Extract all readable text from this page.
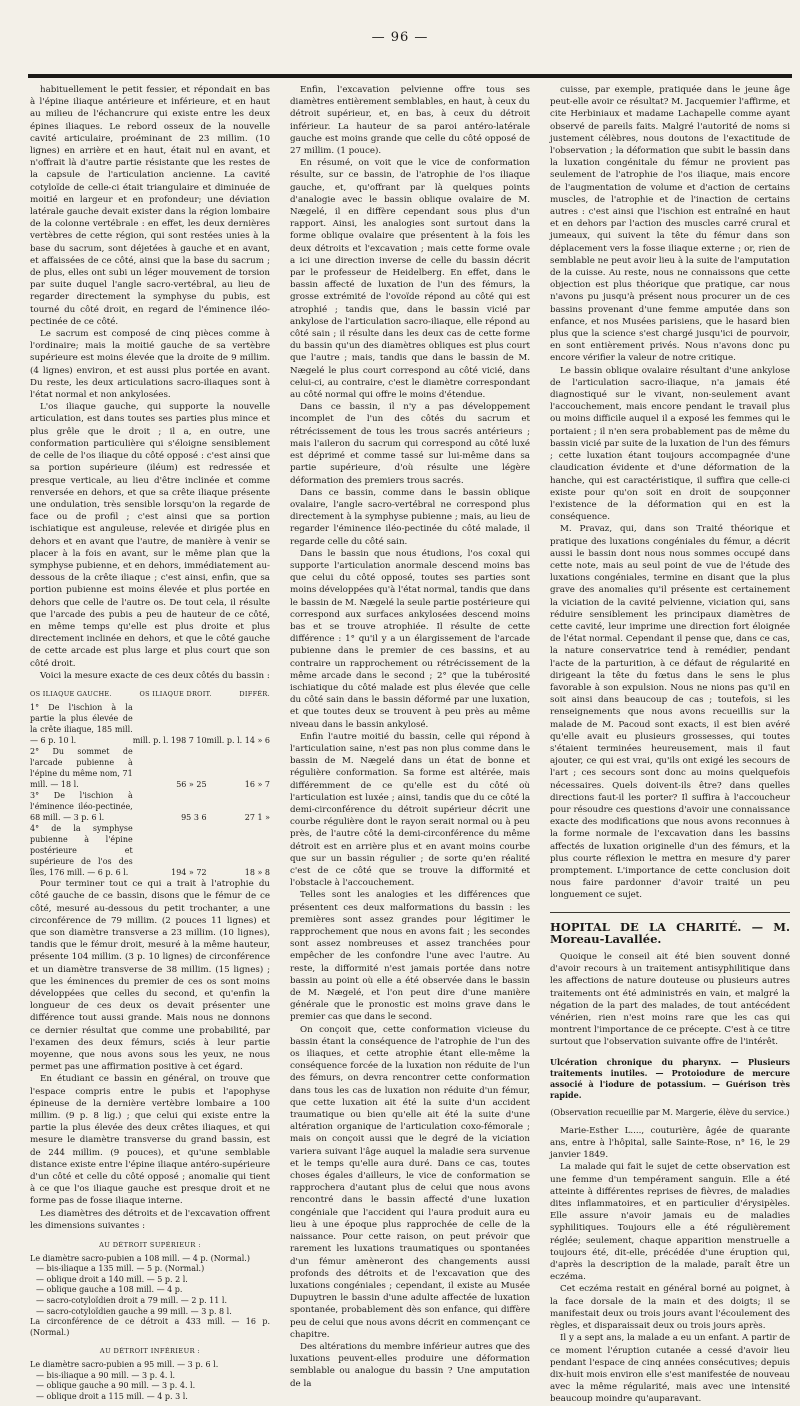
— 96 —

habituellement le petit fessier, et répondait en bas à l'épine iliaque antérieure et inférieure, et en haut au milieu de l'échancrure qui existe entre les deux épines iliaques. Le rebord osseux de la nouvelle cavité articulaire, proéminant de 23 millim. (10 lignes) en arrière et en haut, était nul en avant, et n'offrait là d'autre partie résistante que les restes de la capsule de l'articulation ancienne. La cavité cotyloïde de celle-ci était triangulaire et diminuée de moitié en largeur et en profondeur; une déviation latérale gauche devait exister dans la région lombaire de la colonne vertébrale : en effet, les deux dernières vertèbres de cette région, qui sont restées unies à la base du sacrum, sont déjetées à gauche et en avant, et affaissées de ce côté, ainsi que la base du sacrum ; de plus, elles ont subi un léger mouvement de torsion par suite duquel l'angle sacro-vertébral, au lieu de regarder directement la symphyse du pubis, est tourné du côté droit, en regard de l'éminence iléo-pectinée de ce côté.

Le sacrum est composé de cinq pièces comme à l'ordinaire; mais la moitié gauche de sa vertèbre supérieure est moins élevée que la droite de 9 millim. (4 lignes) environ, et est aussi plus portée en avant. Du reste, les deux articulations sacro-iliaques sont à l'état normal et non ankylosées.

L'os iliaque gauche, qui supporte la nouvelle articulation, est dans toutes ses parties plus mince et plus grêle que le droit ; il a, en outre, une conformation particulière qui s'éloigne sensiblement de celle de l'os iliaque du côté opposé : c'est ainsi que sa portion supérieure (iléum) est redressée et presque verticale, au lieu d'être inclinée et comme renversée en dehors, et que sa crête iliaque présente une ondulation, très sensible lorsqu'on la regarde de face ou de profil ; c'est ainsi que sa portion ischiatique est anguleuse, relevée et dirigée plus en dehors et en avant que l'autre, de manière à venir se placer à la fois en avant, sur le même plan que la symphyse pubienne, et en dehors, immédiatement au-dessous de la crête iliaque ; c'est ainsi, enfin, que sa portion pubienne est moins élevée et plus portée en dehors que celle de l'autre os. De tout cela, il résulte que l'arcade des pubis a peu de hauteur de ce côté, en même temps qu'elle est plus droite et plus directement inclinée en dehors, et que le côté gauche de cette arcade est plus large et plus court que son côté droit.

Voici la mesure exacte de ces deux côtés du bassin :

OS ILIAQUE GAUCHE.	OS ILIAQUE DROIT.	DIFFÉR.
1° De l'ischion à la partie la plus élevée de la crête iliaque, 185 mill. — 6 p. 10 l.	mill. p. l. 198 7 10	mill. p. l. 14 » 6
2° Du sommet de l'arcade pubienne à l'épine du même nom, 71 mill. — 18 l.	56 » 25	16 » 7
3° De l'ischion à l'éminence iléo-pectinée, 68 mill. — 3 p. 6 l.	95 3 6	27 1 »
4° de la symphyse pubienne à l'épine postérieure et supérieure de l'os des îles, 176 mill. — 6 p. 6 l.	194 » 72	18 » 8

Pour terminer tout ce qui a trait à l'atrophie du côté gauche de ce bassin, disons que le fémur de ce côté, mesuré au-dessous du petit trochanter, a une circonférence de 79 millim. (2 pouces 11 lignes) et que son diamètre transverse a 23 millim. (10 lignes), tandis que le fémur droit, mesuré à la même hauteur, présente 104 millim. (3 p. 10 lignes) de circonférence et un diamètre transverse de 38 millim. (15 lignes) ; que les éminences du premier de ces os sont moins développées que celles du second, et qu'enfin la longueur de ces deux os devait présenter une différence tout aussi grande. Mais nous ne donnons ce dernier résultat que comme une probabilité, par l'examen des deux fémurs, sciés à leur partie moyenne, que nous avons sous les yeux, ne nous permet pas une affirmation positive à cet égard.

En étudiant ce bassin en général, on trouve que l'espace compris entre le pubis et l'apophyse épineuse de la dernière vertèbre lombaire a 100 millim. (9 p. 8 lig.) ; que celui qui existe entre la partie la plus élevée des deux crêtes iliaques, et qui mesure le diamètre transverse du grand bassin, est de 244 millim. (9 pouces), et qu'une semblable distance existe entre l'épine iliaque antéro-supérieure d'un côté et celle du côté opposé ; anomalie qui tient à ce que l'os iliaque gauche est presque droit et ne forme pas de fosse iliaque interne.

Les diamètres des détroits et de l'excavation offrent les dimensions suivantes :

AU DÉTROIT SUPÉRIEUR :
Le diamètre sacro-pubien a 108 mill. — 4 p. (Normal.)
— bis-iliaque a 135 mill. — 5 p. (Normal.)
— oblique droit a 140 mill. — 5 p. 2 l.
— oblique gauche a 108 mill. — 4 p.
— sacro-cotyloïdien droit a 79 mill. — 2 p. 11 l.
— sacro-cotyloïdien gauche a 99 mill. — 3 p. 8 l.
La circonférence de ce détroit a 433 mill. — 16 p. (Normal.)
AU DÉTROIT INFÉRIEUR :
Le diamètre sacro-pubien a 95 mill. — 3 p. 6 l.
— bis-iliaque a 90 mill. — 3 p. 4. l.
— oblique gauche a 90 mill. — 3 p. 4. l.
— oblique droit a 115 mill. — 4 p. 3 l.

Enfin, l'excavation pelvienne offre tous ses diamètres entièrement semblables, en haut, à ceux du détroit supérieur, et, en bas, à ceux du détroit inférieur. La hauteur de sa paroi antéro-latérale gauche est moins grande que celle du côté opposé de 27 millim. (1 pouce).

En résumé, on voit que le vice de conformation résulte, sur ce bassin, de l'atrophie de l'os iliaque gauche, et, qu'offrant par là quelques points d'analogie avec le bassin oblique ovalaire de M. Nægelé, il en diffère cependant sous plus d'un rapport. Ainsi, les analogies sont surtout dans la forme oblique ovalaire que présentent à la fois les deux détroits et l'excavation ; mais cette forme ovale a ici une direction inverse de celle du bassin décrit par le professeur de Heidelberg. En effet, dans le bassin affecté de luxation de l'un des fémurs, la grosse extrémité de l'ovoïde répond au côté qui est atrophié ; tandis que, dans le bassin vicié par ankylose de l'articulation sacro-iliaque, elle répond au côté sain ; il résulte dans les deux cas de cette forme du bassin qu'un des diamètres obliques est plus court que l'autre ; mais, tandis que dans le bassin de M. Nægelé le plus court correspond au côté vicié, dans celui-ci, au contraire, c'est le diamètre correspondant au côté normal qui offre le moins d'étendue.

Dans ce bassin, il n'y a pas développement incomplet de l'un des côtés du sacrum et rétrécissement de tous les trous sacrés antérieurs ; mais l'aileron du sacrum qui correspond au côté luxé est déprimé et comme tassé sur lui-même dans sa partie supérieure, d'où résulte une légère déformation des premiers trous sacrés.

Dans ce bassin, comme dans le bassin oblique ovalaire, l'angle sacro-vertébral ne correspond plus directement à la symphyse pubienne ; mais, au lieu de regarder l'éminence iléo-pectinée du côté malade, il regarde celle du côté sain.

Dans le bassin que nous étudions, l'os coxal qui supporte l'articulation anormale descend moins bas que celui du côté opposé, toutes ses parties sont moins développées qu'à l'état normal, tandis que dans le bassin de M. Nægelé la seule partie postérieure qui correspond aux surfaces ankylosées descend moins bas et se trouve atrophiée. Il résulte de cette différence : 1° qu'il y a un élargissement de l'arcade pubienne dans le premier de ces bassins, et au contraire un rapprochement ou rétrécissement de la même arcade dans le second ; 2° que la tubérosité ischiatique du côté malade est plus élevée que celle du côté sain dans le bassin déformé par une luxation, et que toutes deux se trouvent à peu près au même niveau dans le bassin ankylosé.

Enfin l'autre moitié du bassin, celle qui répond à l'articulation saine, n'est pas non plus comme dans le bassin de M. Nægelé dans un état de bonne et régulière conformation. Sa forme est altérée, mais différemment de ce qu'elle est du côté où l'articulation est luxée ; ainsi, tandis que du ce côté la demi-circonférence du détroit supérieur décrit une courbe régulière dont le rayon serait normal ou à peu près, de l'autre côté la demi-circonférence du même détroit est en arrière plus et en avant moins courbe que sur un bassin régulier ; de sorte qu'en réalité c'est de ce côté que se trouve la difformité et l'obstacle à l'accouchement.

Telles sont les analogies et les différences que présentent ces deux malformations du bassin : les premières sont assez grandes pour légitimer le rapprochement que nous en avons fait ; les secondes sont assez nombreuses et assez tranchées pour empêcher de les confondre l'une avec l'autre. Au reste, la difformité n'est jamais portée dans notre bassin au point où elle a été observée dans le bassin de M. Nægelé, et l'on peut dire d'une manière générale que le pronostic est moins grave dans le premier cas que dans le second.

On conçoit que, cette conformation vicieuse du bassin étant la conséquence de l'atrophie de l'un des os iliaques, et cette atrophie étant elle-même la conséquence forcée de la luxation non réduite de l'un des fémurs, on devra rencontrer cette conformation dans tous les cas de luxation non réduite d'un fémur, que cette luxation ait été la suite d'un accident traumatique ou bien qu'elle ait été la suite d'une altération organique de l'articulation coxo-fémorale ; mais on conçoit aussi que le degré de la viciation variera suivant l'âge auquel la maladie sera survenue et le temps qu'elle aura duré. Dans ce cas, toutes choses égales d'ailleurs, le vice de conformation se rapprochera d'autant plus de celui que nous avons rencontré dans le bassin affecté d'une luxation congéniale que l'accident qui l'aura produit aura eu lieu à une époque plus rapprochée de celle de la naissance. Pour cette raison, on peut prévoir que rarement les luxations traumatiques ou spontanées d'un fémur amèneront des changements aussi profonds des détroits et de l'excavation que des luxations congéniales ; cependant, il existe au Musée Dupuytren le bassin d'une adulte affectée de luxation spontanée, probablement dès son enfance, qui diffère peu de celui que nous avons décrit en commençant ce chapitre.

Des altérations du membre inférieur autres que des luxations peuvent-elles produire une déformation semblable ou analogue du bassin ? Une amputation de la

cuisse, par exemple, pratiquée dans le jeune âge peut-elle avoir ce résultat? M. Jacquemier l'affirme, et cite Herbiniaux et madame Lachapelle comme ayant observé de pareils faits. Malgré l'autorité de noms si justement célèbres, nous doutons de l'exactitude de l'observation ; la déformation que subit le bassin dans la luxation congénitale du fémur ne provient pas seulement de l'atrophie de l'os iliaque, mais encore de l'augmentation de volume et d'action de certains muscles, de l'atrophie et de l'inaction de certains autres : c'est ainsi que l'ischion est entraîné en haut et en dehors par l'action des muscles carré crural et jumeaux, qui suivent la tête du fémur dans son déplacement vers la fosse iliaque externe ; or, rien de semblable ne peut avoir lieu à la suite de l'amputation de la cuisse. Au reste, nous ne connaissons que cette objection est plus théorique que pratique, car nous n'avons pu jusqu'à présent nous procurer un de ces bassins provenant d'une femme amputée dans son enfance, et nos Musées parisiens, que le hasard bien plus que la science s'est chargé jusqu'ici de pourvoir, en sont entièrement privés. Nous n'avons donc pu encore vérifier la valeur de notre critique.

Le bassin oblique ovalaire résultant d'une ankylose de l'articulation sacro-iliaque, n'a jamais été diagnostiqué sur le vivant, non-seulement avant l'accouchement, mais encore pendant le travail plus ou moins difficile auquel il a exposé les femmes qui le portaient ; il n'en sera probablement pas de même du bassin vicié par suite de la luxation de l'un des fémurs ; cette luxation étant toujours accompagnée d'une claudication évidente et d'une déformation de la hanche, qui est caractéristique, il suffira que celle-ci existe pour qu'on soit en droit de soupçonner l'existence de la déformation qui en est la conséquence.

M. Pravaz, qui, dans son Traité théorique et pratique des luxations congéniales du fémur, a décrit aussi le bassin dont nous nous sommes occupé dans cette note, mais au seul point de vue de l'étude des luxations congéniales, termine en disant que la plus grave des anomalies qu'il présente est certainement la viciation de la cavité pelvienne, viciation qui, sans réduire sensiblement les principaux diamètres de cette cavité, leur imprime une direction fort éloignée de l'état normal. Cependant il pense que, dans ce cas, la nature conservatrice tend à remédier, pendant l'acte de la parturition, à ce défaut de régularité en dirigeant la tête du fœtus dans le sens le plus favorable à son expulsion. Nous ne nions pas qu'il en soit ainsi dans beaucoup de cas ; toutefois, si les renseignements que nous avons recueillis sur la malade de M. Pacoud sont exacts, il est bien avéré qu'elle avait eu plusieurs grossesses, qui toutes s'étaient terminées heureusement, mais il faut ajouter, ce qui est vrai, qu'ils ont exigé les secours de l'art ; ces secours sont donc au moins quelquefois nécessaires. Quels doivent-ils être? dans quelles directions faut-il les porter? Il suffira à l'accoucheur pour résoudre ces questions d'avoir une connaissance exacte des modifications que nous avons reconnues à la forme normale de l'excavation dans les bassins affectés de luxation originelle d'un des fémurs, et la plus courte réflexion le mettra en mesure d'y parer promptement. L'importance de cette conclusion doit nous faire pardonner d'avoir traité un peu longuement ce sujet.

HOPITAL DE LA CHARITÉ. — M. Moreau-Lavallée.

Quoique le conseil ait été bien souvent donné d'avoir recours à un traitement antisyphilitique dans les affections de nature douteuse ou plusieurs autres traitements ont été administrés en vain, et malgré la négation de la part des malades, de tout antécédent vénérien, rien n'est moins rare que les cas qui montrent l'importance de ce précepte. C'est à ce titre surtout que l'observation suivante offre de l'intérêt.

Ulcération chronique du pharynx. — Plusieurs traitements inutiles. — Protoiodure de mercure associé à l'iodure de potassium. — Guérison très rapide.
(Observation recueillie par M. Margerie, élève du service.)

Marie-Esther L...., couturière, âgée de quarante ans, entre à l'hôpital, salle Sainte-Rose, n° 16, le 29 janvier 1849.

La malade qui fait le sujet de cette observation est une femme d'un tempérament sanguin. Elle a été atteinte à différentes reprises de fièvres, de maladies dites inflammatoires, et en particulier d'érysipèles. Elle assure n'avoir jamais eu de maladies syphilitiques. Toujours elle a été régulièrement réglée; seulement, chaque apparition menstruelle a toujours été, dit-elle, précédée d'une éruption qui, d'après la description de la malade, paraît être un eczéma.

Cet eczéma restait en général borné au poignet, à la face dorsale de la main et des doigts; il se manifestait deux ou trois jours avant l'écoulement des règles, et disparaissait deux ou trois jours après.

Il y a sept ans, la malade a eu un enfant. A partir de ce moment l'éruption cutanée a cessé d'avoir lieu pendant l'espace de cinq années consécutives; depuis dix-huit mois environ elle s'est manifestée de nouveau avec la même régularité, mais avec une intensité beaucoup moindre qu'auparavant.
